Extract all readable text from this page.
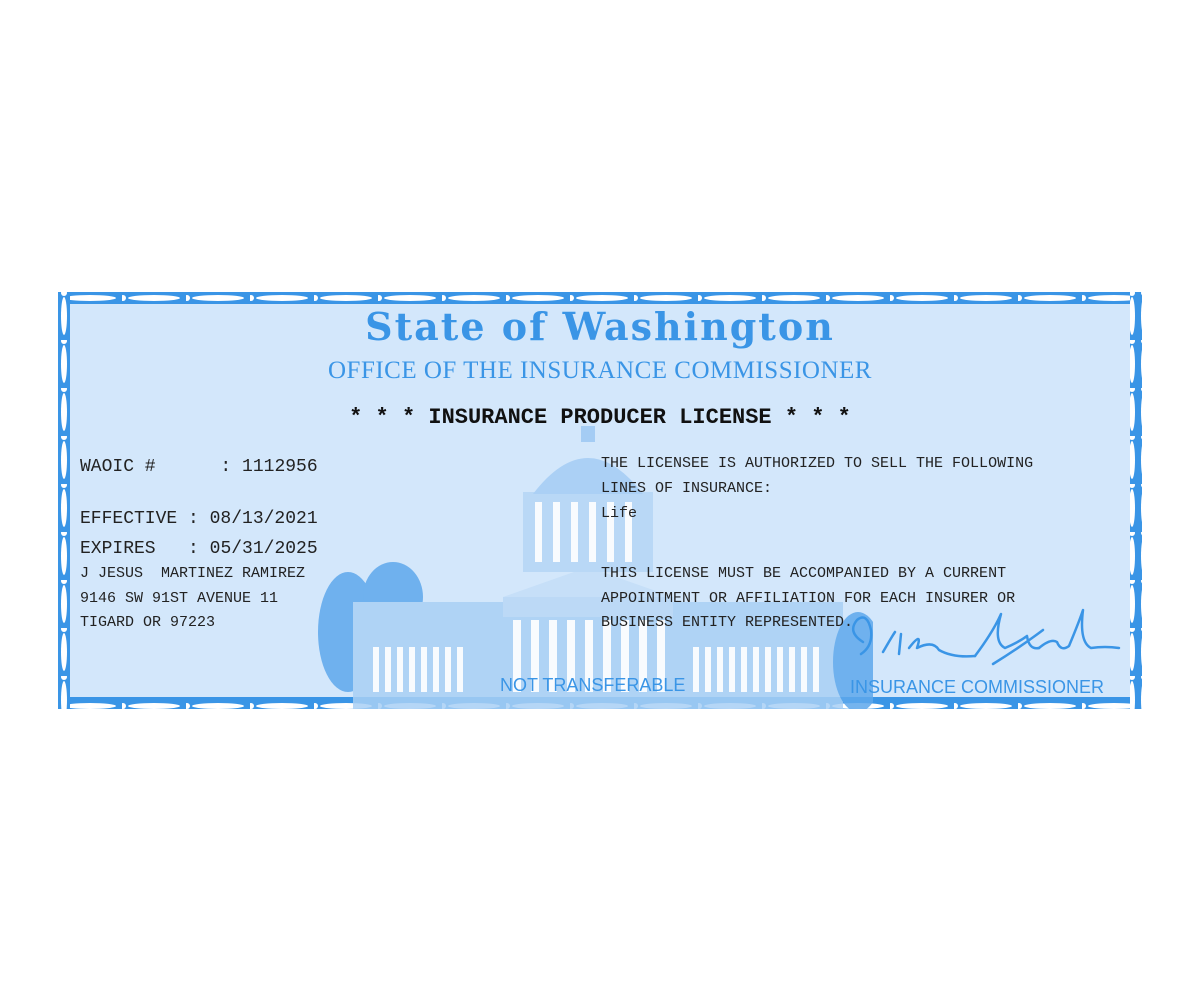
State of Washington
OFFICE OF THE INSURANCE COMMISSIONER
* * * INSURANCE PRODUCER LICENSE * * *
WAOIC #      : 1112956
EFFECTIVE : 08/13/2021
EXPIRES   : 05/31/2025
J JESUS  MARTINEZ RAMIREZ
9146 SW 91ST AVENUE 11
TIGARD OR 97223
THE LICENSEE IS AUTHORIZED TO SELL THE FOLLOWING
LINES OF INSURANCE:
Life
THIS LICENSE MUST BE ACCOMPANIED BY A CURRENT
APPOINTMENT OR AFFILIATION FOR EACH INSURER OR
BUSINESS ENTITY REPRESENTED.
NOT TRANSFERABLE	INSURANCE COMMISSIONER
